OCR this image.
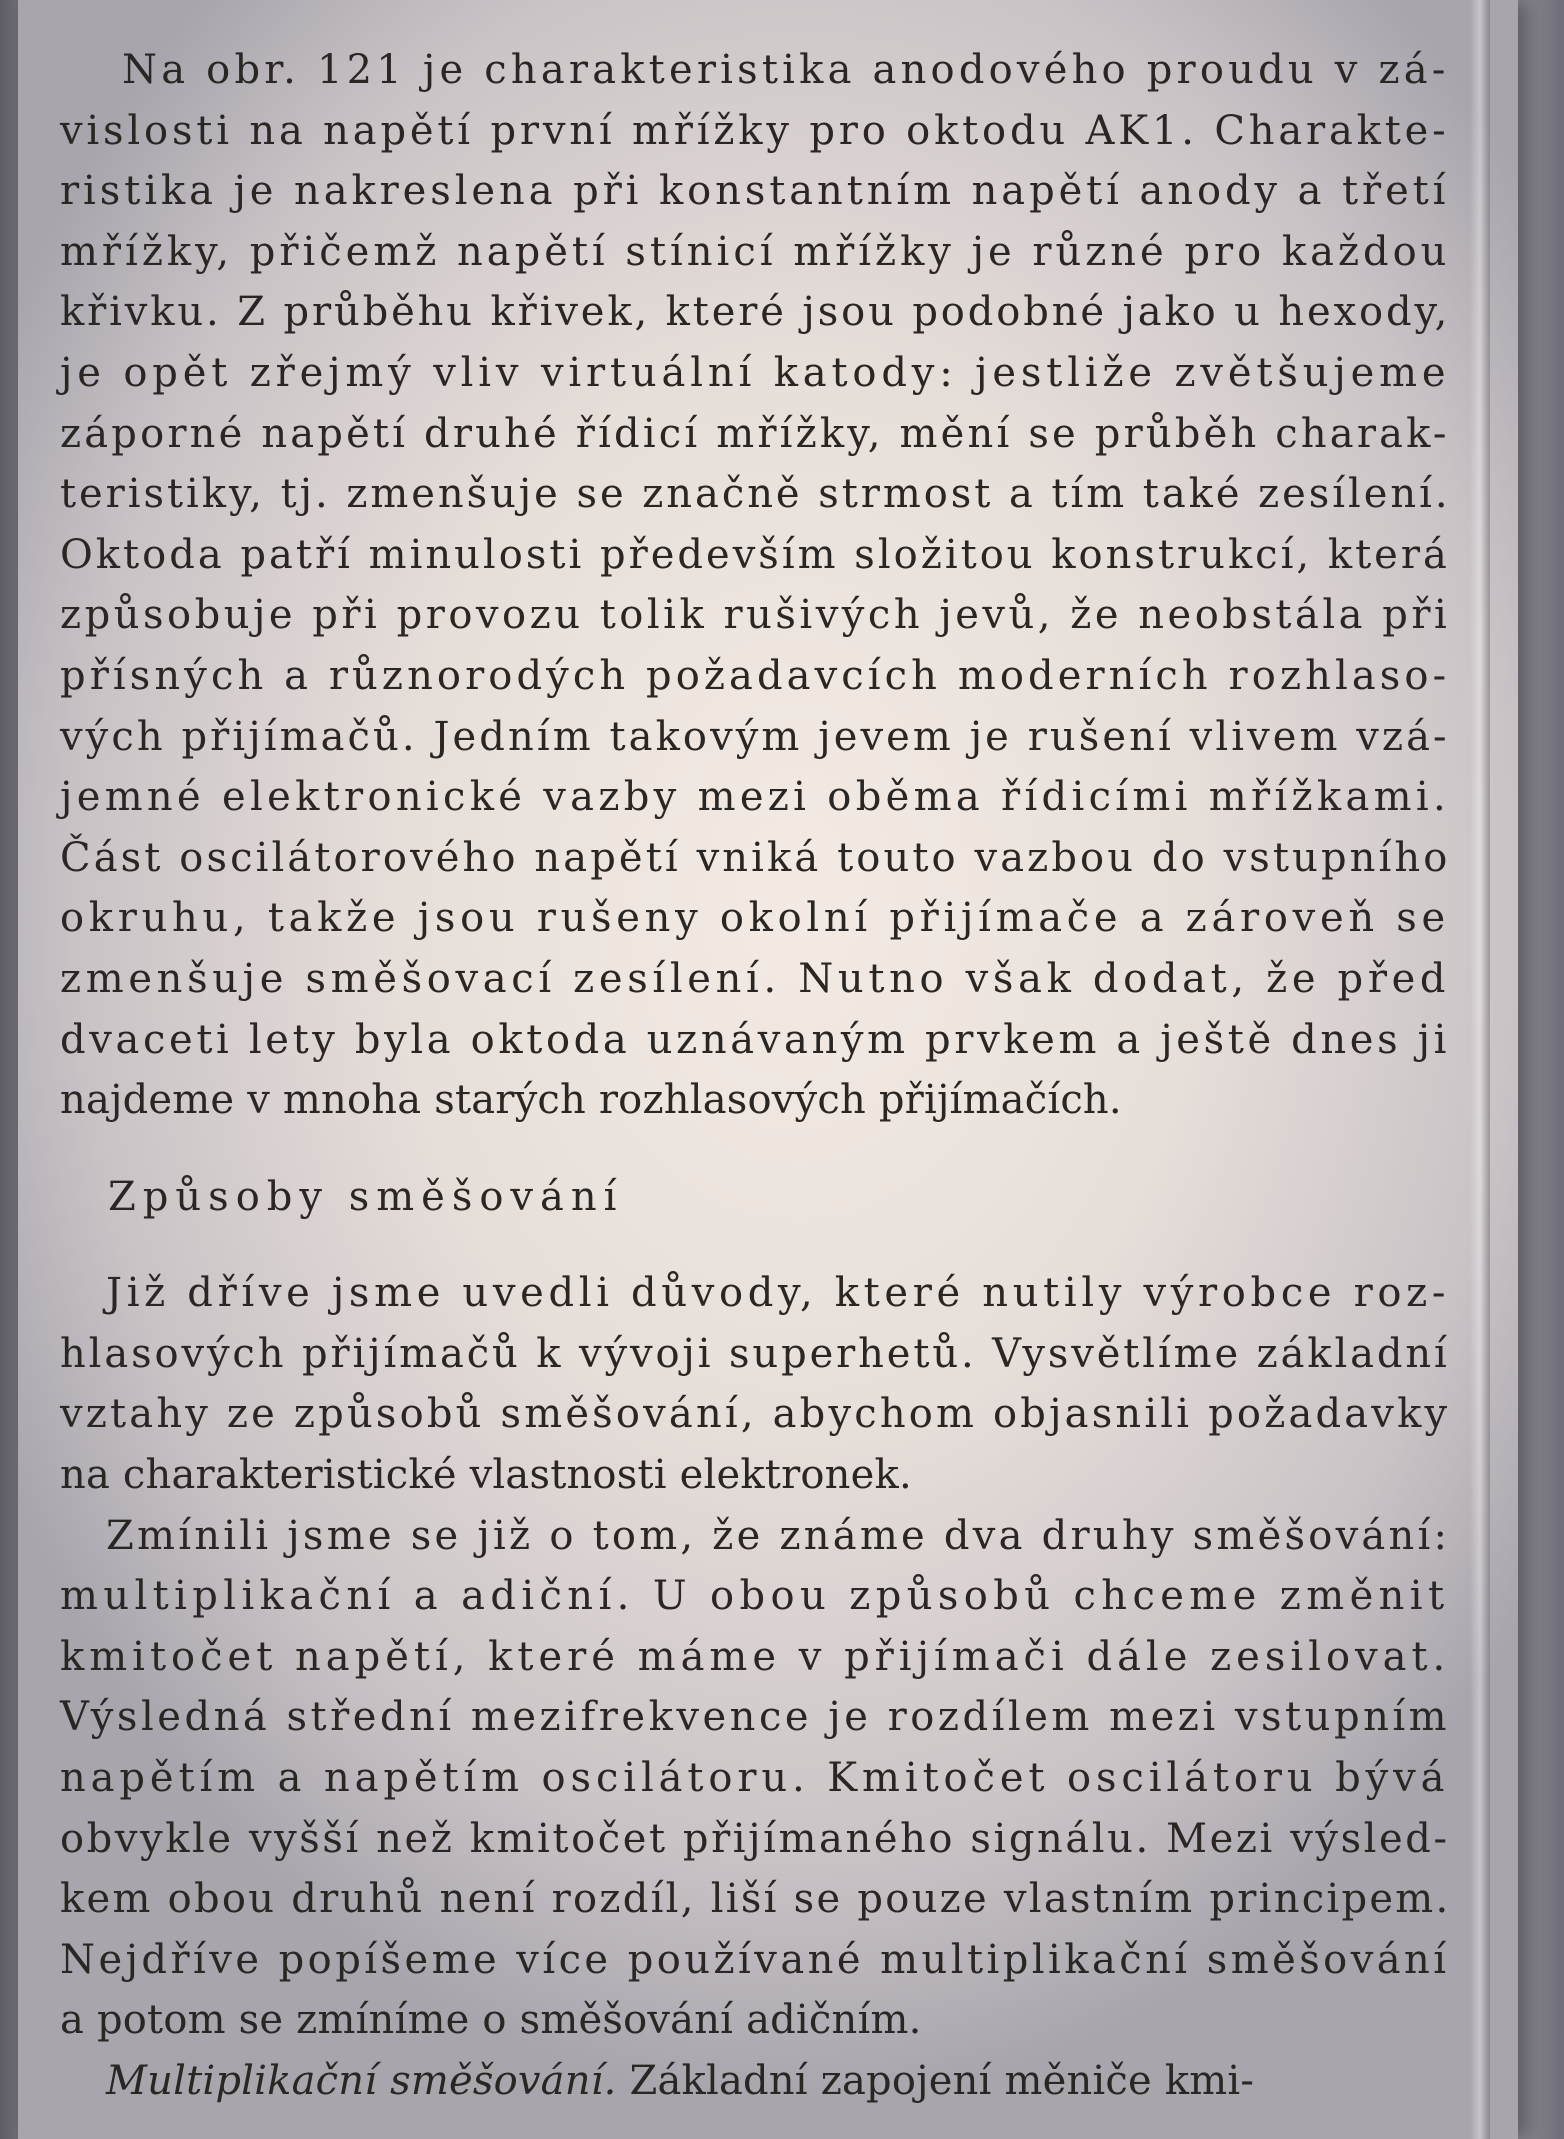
Na obr. 121 je charakteristika anodového proudu v zá-
vislosti na napětí první mřížky pro oktodu AK1. Charakte-
ristika je nakreslena při konstantním napětí anody a třetí
mřížky, přičemž napětí stínicí mřížky je různé pro každou
křivku. Z průběhu křivek, které jsou podobné jako u hexody,
je opět zřejmý vliv virtuální katody: jestliže zvětšujeme
záporné napětí druhé řídicí mřížky, mění se průběh charak-
teristiky, tj. zmenšuje se značně strmost a tím také zesílení.
Oktoda patří minulosti především složitou konstrukcí, která
způsobuje při provozu tolik rušivých jevů, že neobstála při
přísných a různorodých požadavcích moderních rozhlaso-
vých přijímačů. Jedním takovým jevem je rušení vlivem vzá-
jemné elektronické vazby mezi oběma řídicími mřížkami.
Část oscilátorového napětí vniká touto vazbou do vstupního
okruhu, takže jsou rušeny okolní přijímače a zároveň se
zmenšuje směšovací zesílení. Nutno však dodat, že před
dvaceti lety byla oktoda uznávaným prvkem a ještě dnes ji
najdeme v mnoha starých rozhlasových přijímačích.
Způsoby směšování
Již dříve jsme uvedli důvody, které nutily výrobce roz-
hlasových přijímačů k vývoji superhetů. Vysvětlíme základní
vztahy ze způsobů směšování, abychom objasnili požadavky
na charakteristické vlastnosti elektronek.
Zmínili jsme se již o tom, že známe dva druhy směšování:
multiplikační a adiční. U obou způsobů chceme změnit
kmitočet napětí, které máme v přijímači dále zesilovat.
Výsledná střední mezifrekvence je rozdílem mezi vstupním
napětím a napětím oscilátoru. Kmitočet oscilátoru bývá
obvykle vyšší než kmitočet přijímaného signálu. Mezi výsled-
kem obou druhů není rozdíl, liší se pouze vlastním principem.
Nejdříve popíšeme více používané multiplikační směšování
a potom se zmíníme o směšování adičním.
Multiplikační směšování. Základní zapojení měniče kmi-
